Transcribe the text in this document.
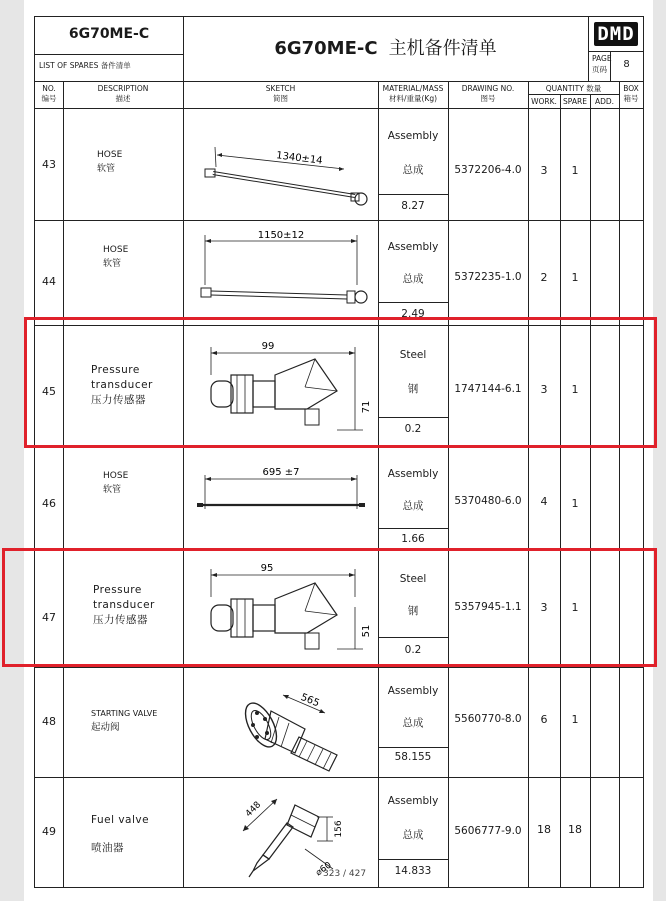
6G70ME-C
LIST OF SPARES 备件清单
6G70ME-C 主机备件清单
DMD
PAGE
页码	8
NO.
编号
DESCRIPTION
描述
SKETCH
简图
MATERIAL/MASS
材料/重量(Kg)
DRAWING NO.
图号
QUANTITY 数量
WORK. SPARE	ADD.
BOX
箱号
43
HOSE
软管
1340±14
Assembly
总成
8.27
5372206-4.0	3	1
44
HOSE
软管
1150±12
Assembly
总成
2.49
5372235-1.0	2	1
45
Pressure transducer
压力传感器
99
71
Steel
钢
0.2
1747144-6.1	3	1
46
HOSE
软管
695 ±7	Assembly
总成
1.66
5370480-6.0	4	1
47
Pressure transducer
压力传感器
95
51
Steel
钢
0.2
5357945-1.1	3	1
48
STARTING VALVE
起动阀
565
Assembly
总成
58.155
5560770-8.0	6	1
49
Fuel valve
喷油器
448
156
⌀60
Assembly
总成
14.833
5606777-9.0	18	18
323 / 427
